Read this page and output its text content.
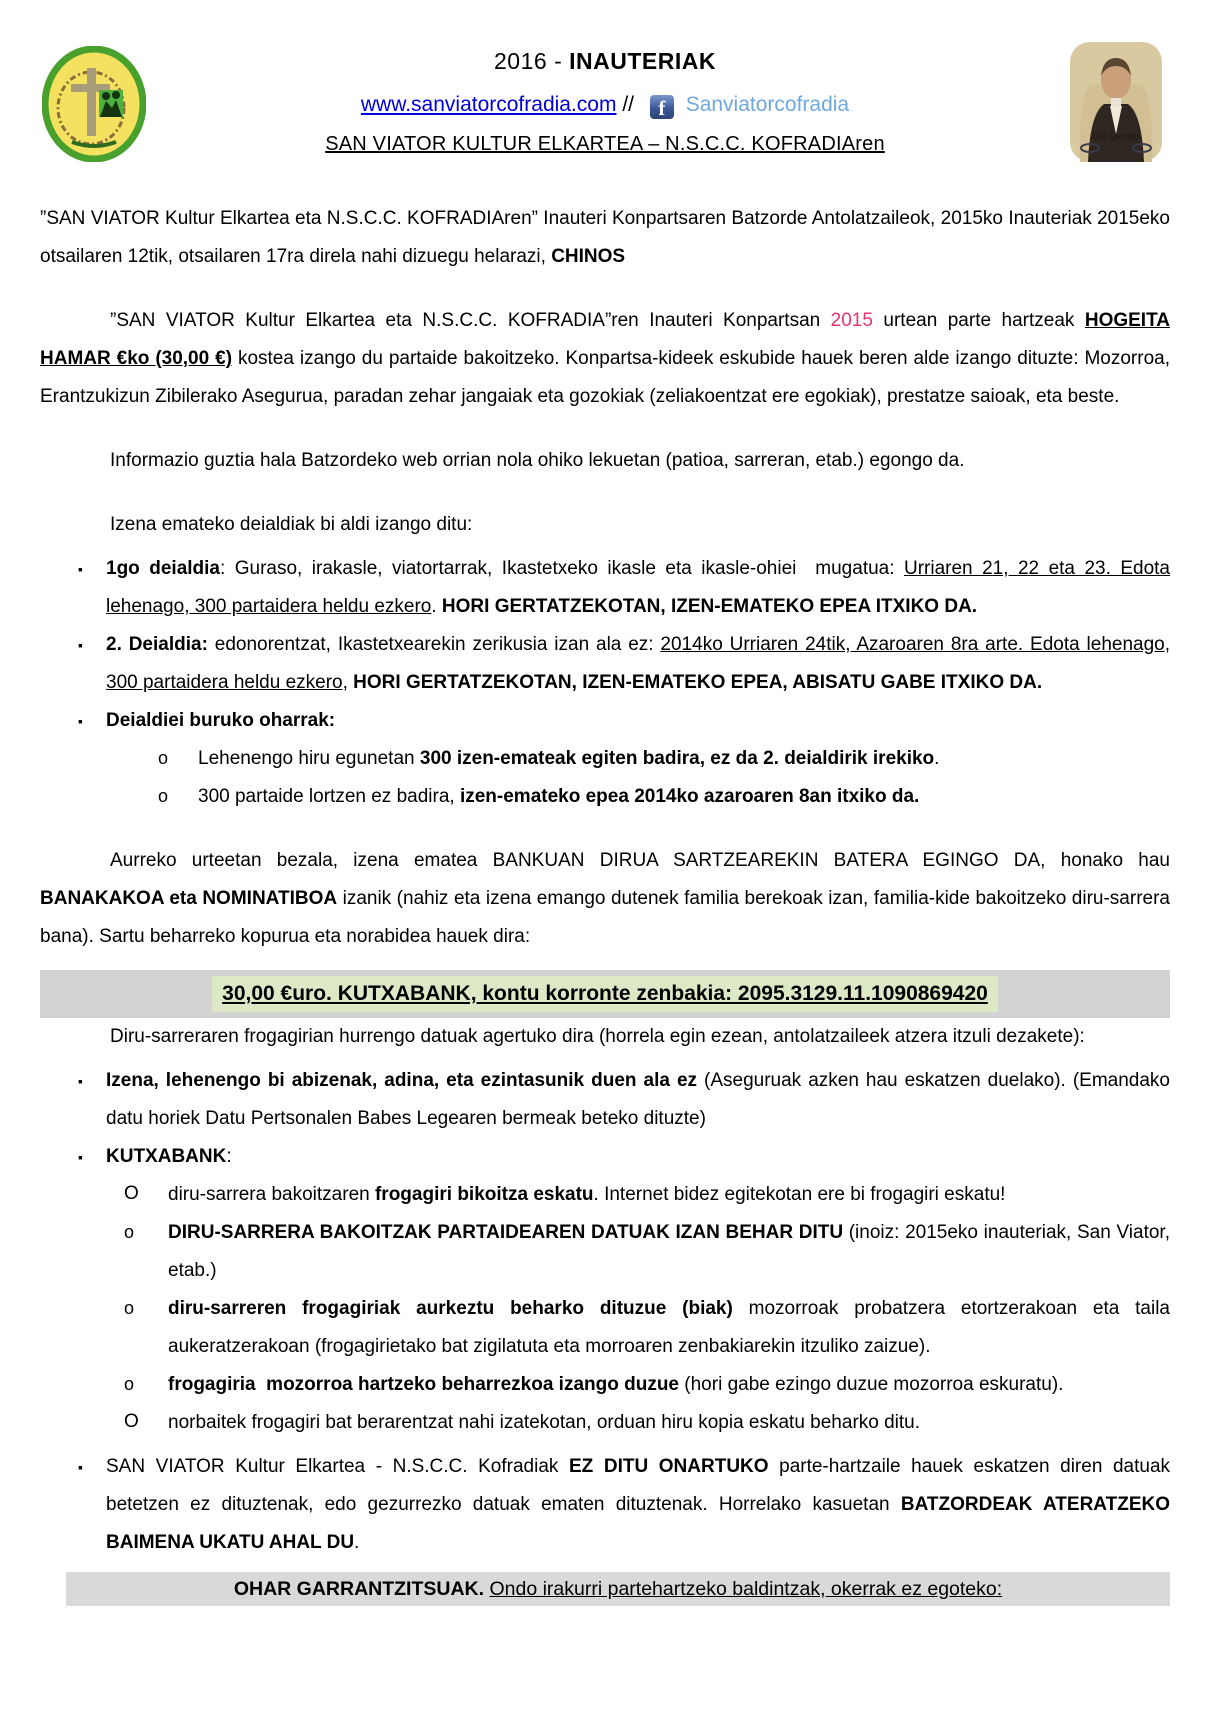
2016 - INAUTERIAK
www.sanviatorcofradia.com // f Sanviatorcofradia
SAN VIATOR KULTUR ELKARTEA – N.S.C.C. KOFRADIAren	Luis Querbes

”SAN VIATOR Kultur Elkartea eta N.S.C.C. KOFRADIAren” Inauteri Konpartsaren Batzorde Antolatzaileok, 2015ko Inauteriak 2015eko otsailaren 12tik, otsailaren 17ra direla nahi dizuegu helarazi, CHINOS

”SAN VIATOR Kultur Elkartea eta N.S.C.C. KOFRADIA”ren Inauteri Konpartsan 2015 urtean parte hartzeak HOGEITA HAMAR €ko (30,00 €) kostea izango du partaide bakoitzeko. Konpartsa-kideek eskubide hauek beren alde izango dituzte: Mozorroa, Erantzukizun Zibilerako Asegurua, paradan zehar jangaiak eta gozokiak (zeliakoentzat ere egokiak), prestatze saioak, eta beste.

Informazio guztia hala Batzordeko web orrian nola ohiko lekuetan (patioa, sarreran, etab.) egongo da.

Izena emateko deialdiak bi aldi izango ditu:

▪ 1go deialdia: Guraso, irakasle, viatortarrak, Ikastetxeko ikasle eta ikasle-ohiei  mugatua: Urriaren 21, 22 eta 23. Edota lehenago, 300 partaidera heldu ezkero. HORI GERTATZEKOTAN, IZEN-EMATEKO EPEA ITXIKO DA.
▪ 2. Deialdia: edonorentzat, Ikastetxearekin zerikusia izan ala ez: 2014ko Urriaren 24tik, Azaroaren 8ra arte. Edota lehenago, 300 partaidera heldu ezkero, HORI GERTATZEKOTAN, IZEN-EMATEKO EPEA, ABISATU GABE ITXIKO DA.
▪ Deialdiei buruko oharrak:
o Lehenengo hiru egunetan 300 izen-emateak egiten badira, ez da 2. deialdirik irekiko.
o 300 partaide lortzen ez badira, izen-emateko epea 2014ko azaroaren 8an itxiko da.

Aurreko urteetan bezala, izena ematea BANKUAN DIRUA SARTZEAREKIN BATERA EGINGO DA, honako hau BANAKAKOA eta NOMINATIBOA izanik (nahiz eta izena emango dutenek familia berekoak izan, familia-kide bakoitzeko diru-sarrera bana). Sartu beharreko kopurua eta norabidea hauek dira:

30,00 €uro. KUTXABANK, kontu korronte zenbakia: 2095.3129.11.1090869420

Diru-sarreraren frogagirian hurrengo datuak agertuko dira (horrela egin ezean, antolatzaileek atzera itzuli dezakete):

▪ Izena, lehenengo bi abizenak, adina, eta ezintasunik duen ala ez (Aseguruak azken hau eskatzen duelako). (Emandako datu horiek Datu Pertsonalen Babes Legearen bermeak beteko dituzte)
▪ KUTXABANK:
O diru-sarrera bakoitzaren frogagiri bikoitza eskatu. Internet bidez egitekotan ere bi frogagiri eskatu!
o DIRU-SARRERA BAKOITZAK PARTAIDEAREN DATUAK IZAN BEHAR DITU (inoiz: 2015eko inauteriak, San Viator, etab.)
o diru-sarreren frogagiriak aurkeztu beharko dituzue (biak) mozorroak probatzera etortzerakoan eta taila aukeratzerakoan (frogagirietako bat zigilatuta eta morroaren zenbakiarekin itzuliko zaizue).
o frogagiria  mozorroa hartzeko beharrezkoa izango duzue (hori gabe ezingo duzue mozorroa eskuratu).
O norbaitek frogagiri bat berarentzat nahi izatekotan, orduan hiru kopia eskatu beharko ditu.
▪ SAN VIATOR Kultur Elkartea - N.S.C.C. Kofradiak EZ DITU ONARTUKO parte-hartzaile hauek eskatzen diren datuak betetzen ez dituztenak, edo gezurrezko datuak ematen dituztenak. Horrelako kasuetan BATZORDEAK ATERATZEKO BAIMENA UKATU AHAL DU.
OHAR GARRANTZITSUAK. Ondo irakurri partehartzeko baldintzak, okerrak ez egoteko:
